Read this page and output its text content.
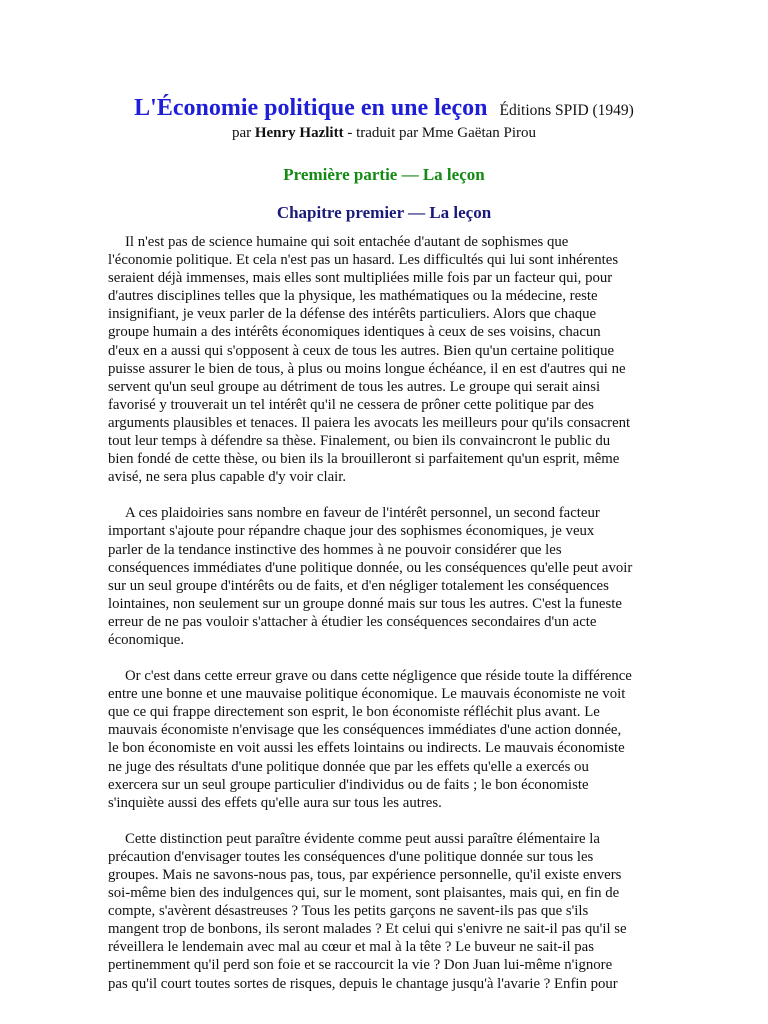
L'Économie politique en une leçon Éditions SPID (1949)
par Henry Hazlitt - traduit par Mme Gaëtan Pirou
Première partie — La leçon
Chapitre premier — La leçon

Il n'est pas de science humaine qui soit entachée d'autant de sophismes que
l'économie politique. Et cela n'est pas un hasard. Les difficultés qui lui sont inhérentes
seraient déjà immenses, mais elles sont multipliées mille fois par un facteur qui, pour
d'autres disciplines telles que la physique, les mathématiques ou la médecine, reste
insignifiant, je veux parler de la défense des intérêts particuliers. Alors que chaque
groupe humain a des intérêts économiques identiques à ceux de ses voisins, chacun
d'eux en a aussi qui s'opposent à ceux de tous les autres. Bien qu'un certaine politique
puisse assurer le bien de tous, à plus ou moins longue échéance, il en est d'autres qui ne
servent qu'un seul groupe au détriment de tous les autres. Le groupe qui serait ainsi
favorisé y trouverait un tel intérêt qu'il ne cessera de prôner cette politique par des
arguments plausibles et tenaces. Il paiera les avocats les meilleurs pour qu'ils consacrent
tout leur temps à défendre sa thèse. Finalement, ou bien ils convaincront le public du
bien fondé de cette thèse, ou bien ils la brouilleront si parfaitement qu'un esprit, même
avisé, ne sera plus capable d'y voir clair.

A ces plaidoiries sans nombre en faveur de l'intérêt personnel, un second facteur
important s'ajoute pour répandre chaque jour des sophismes économiques, je veux
parler de la tendance instinctive des hommes à ne pouvoir considérer que les
conséquences immédiates d'une politique donnée, ou les conséquences qu'elle peut avoir
sur un seul groupe d'intérêts ou de faits, et d'en négliger totalement les conséquences
lointaines, non seulement sur un groupe donné mais sur tous les autres. C'est la funeste
erreur de ne pas vouloir s'attacher à étudier les conséquences secondaires d'un acte
économique.

Or c'est dans cette erreur grave ou dans cette négligence que réside toute la différence
entre une bonne et une mauvaise politique économique. Le mauvais économiste ne voit
que ce qui frappe directement son esprit, le bon économiste réfléchit plus avant. Le
mauvais économiste n'envisage que les conséquences immédiates d'une action donnée,
le bon économiste en voit aussi les effets lointains ou indirects. Le mauvais économiste
ne juge des résultats d'une politique donnée que par les effets qu'elle a exercés ou
exercera sur un seul groupe particulier d'individus ou de faits ; le bon économiste
s'inquiète aussi des effets qu'elle aura sur tous les autres.

Cette distinction peut paraître évidente comme peut aussi paraître élémentaire la
précaution d'envisager toutes les conséquences d'une politique donnée sur tous les
groupes. Mais ne savons-nous pas, tous, par expérience personnelle, qu'il existe envers
soi-même bien des indulgences qui, sur le moment, sont plaisantes, mais qui, en fin de
compte, s'avèrent désastreuses ? Tous les petits garçons ne savent-ils pas que s'ils
mangent trop de bonbons, ils seront malades ? Et celui qui s'enivre ne sait-il pas qu'il se
réveillera le lendemain avec mal au cœur et mal à la tête ? Le buveur ne sait-il pas
pertinemment qu'il perd son foie et se raccourcit la vie ? Don Juan lui-même n'ignore
pas qu'il court toutes sortes de risques, depuis le chantage jusqu'à l'avarie ? Enfin pour
